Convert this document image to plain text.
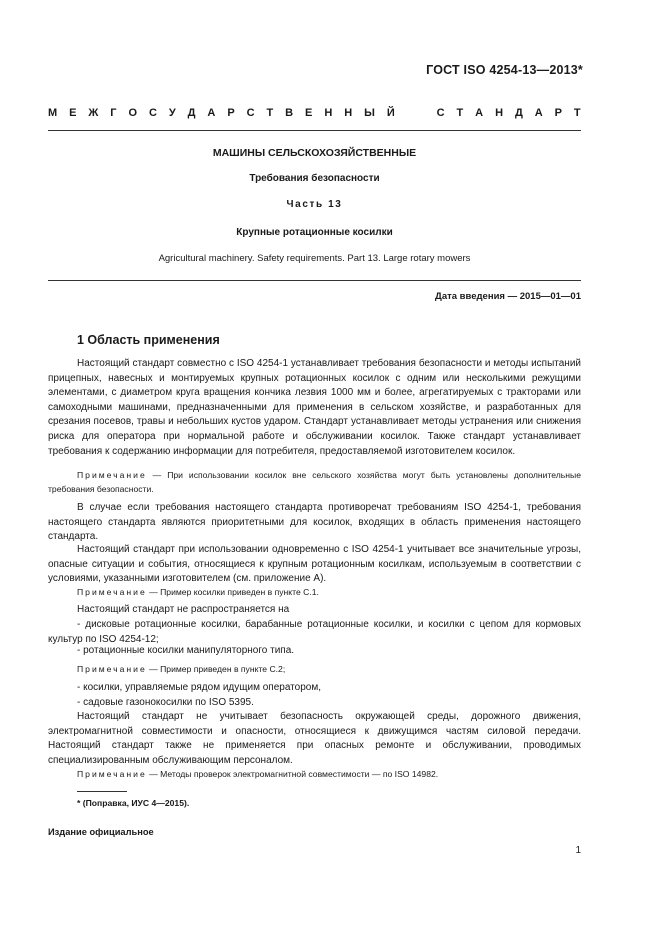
ГОСТ ISO 4254-13—2013*
М Е Ж Г О С У Д А Р С Т В Е Н Н Ы Й	С Т А Н Д А Р Т
МАШИНЫ СЕЛЬСКОХОЗЯЙСТВЕННЫЕ
Требования безопасности
Часть 13
Крупные ротационные косилки
Agricultural machinery. Safety requirements. Part 13. Large rotary mowers
Дата введения — 2015—01—01
1 Область применения

Настоящий стандарт совместно с ISO 4254-1 устанавливает требования безопасности и методы испытаний прицепных, навесных и монтируемых крупных ротационных косилок с одним или несколькими режущими элементами, с диаметром круга вращения кончика лезвия 1000 мм и более, агрегатируемых с тракторами или самоходными машинами, предназначенными для применения в сельском хозяйстве, и разработанных для срезания посевов, травы и небольших кустов ударом. Стандарт устанавливает методы устранения или снижения риска для оператора при нормальной работе и обслуживании косилок. Также стандарт устанавливает требования к содержанию информации для потребителя, предоставляемой изготовителем косилок.

Примечание — При использовании косилок вне сельского хозяйства могут быть установлены дополнительные требования безопасности.

В случае если требования настоящего стандарта противоречат требованиям ISO 4254-1, требования настоящего стандарта являются приоритетными для косилок, входящих в область применения настоящего стандарта.

Настоящий стандарт при использовании одновременно с ISO 4254-1 учитывает все значительные угрозы, опасные ситуации и события, относящиеся к крупным ротационным косилкам, используемым в соответствии с условиями, указанными изготовителем (см. приложение А).

Примечание — Пример косилки приведен в пункте С.1.

Настоящий стандарт не распространяется на

- дисковые ротационные косилки, барабанные ротационные косилки, и косилки с цепом для кормовых культур по ISO 4254-12;

- ротационные косилки манипуляторного типа.

Примечание — Пример приведен в пункте С.2;

- косилки, управляемые рядом идущим оператором,

- садовые газонокосилки по ISO 5395.

Настоящий стандарт не учитывает безопасность окружающей среды, дорожного движения, электромагнитной совместимости и опасности, относящиеся к движущимся частям силовой передачи. Настоящий стандарт также не применяется при опасных ремонте и обслуживании, проводимых специализированным обслуживающим персоналом.

Примечание — Методы проверок электромагнитной совместимости — по ISO 14982.

* (Поправка, ИУС 4—2015).
Издание официальное
1
